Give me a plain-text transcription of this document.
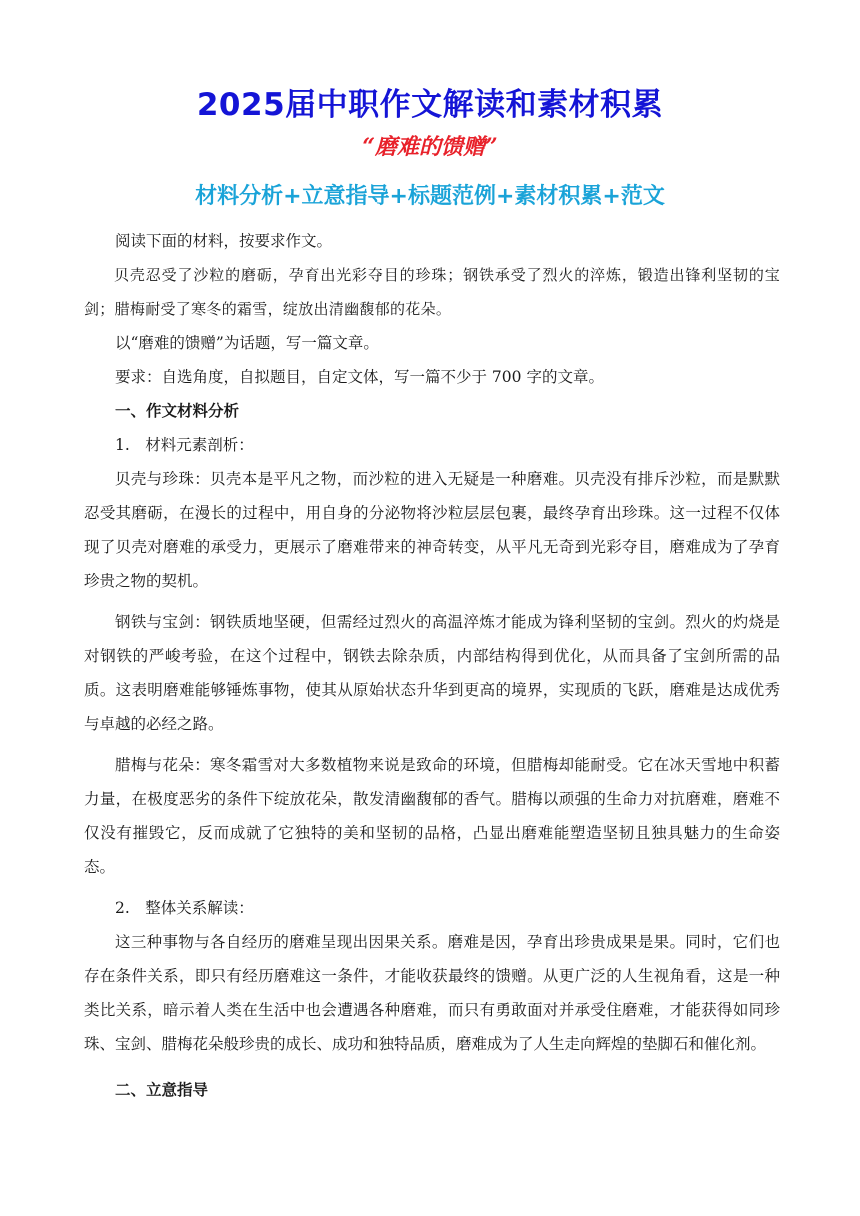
2025届中职作文解读和素材积累
“磨难的馈赠”
材料分析+立意指导+标题范例+素材积累+范文

阅读下面的材料，按要求作文。

贝壳忍受了沙粒的磨砺，孕育出光彩夺目的珍珠；钢铁承受了烈火的淬炼，锻造出锋利坚韧的宝剑；腊梅耐受了寒冬的霜雪，绽放出清幽馥郁的花朵。

以“磨难的馈赠”为话题，写一篇文章。

要求：自选角度，自拟题目，自定文体，写一篇不少于 700 字的文章。

一、作文材料分析

1.　材料元素剖析：

贝壳与珍珠：贝壳本是平凡之物，而沙粒的进入无疑是一种磨难。贝壳没有排斥沙粒，而是默默忍受其磨砺，在漫长的过程中，用自身的分泌物将沙粒层层包裹，最终孕育出珍珠。这一过程不仅体现了贝壳对磨难的承受力，更展示了磨难带来的神奇转变，从平凡无奇到光彩夺目，磨难成为了孕育珍贵之物的契机。

钢铁与宝剑：钢铁质地坚硬，但需经过烈火的高温淬炼才能成为锋利坚韧的宝剑。烈火的灼烧是对钢铁的严峻考验，在这个过程中，钢铁去除杂质，内部结构得到优化，从而具备了宝剑所需的品质。这表明磨难能够锤炼事物，使其从原始状态升华到更高的境界，实现质的飞跃，磨难是达成优秀与卓越的必经之路。

腊梅与花朵：寒冬霜雪对大多数植物来说是致命的环境，但腊梅却能耐受。它在冰天雪地中积蓄力量，在极度恶劣的条件下绽放花朵，散发清幽馥郁的香气。腊梅以顽强的生命力对抗磨难，磨难不仅没有摧毁它，反而成就了它独特的美和坚韧的品格，凸显出磨难能塑造坚韧且独具魅力的生命姿态。

2.　整体关系解读：

这三种事物与各自经历的磨难呈现出因果关系。磨难是因，孕育出珍贵成果是果。同时，它们也存在条件关系，即只有经历磨难这一条件，才能收获最终的馈赠。从更广泛的人生视角看，这是一种类比关系，暗示着人类在生活中也会遭遇各种磨难，而只有勇敢面对并承受住磨难，才能获得如同珍珠、宝剑、腊梅花朵般珍贵的成长、成功和独特品质，磨难成为了人生走向辉煌的垫脚石和催化剂。

二、立意指导
